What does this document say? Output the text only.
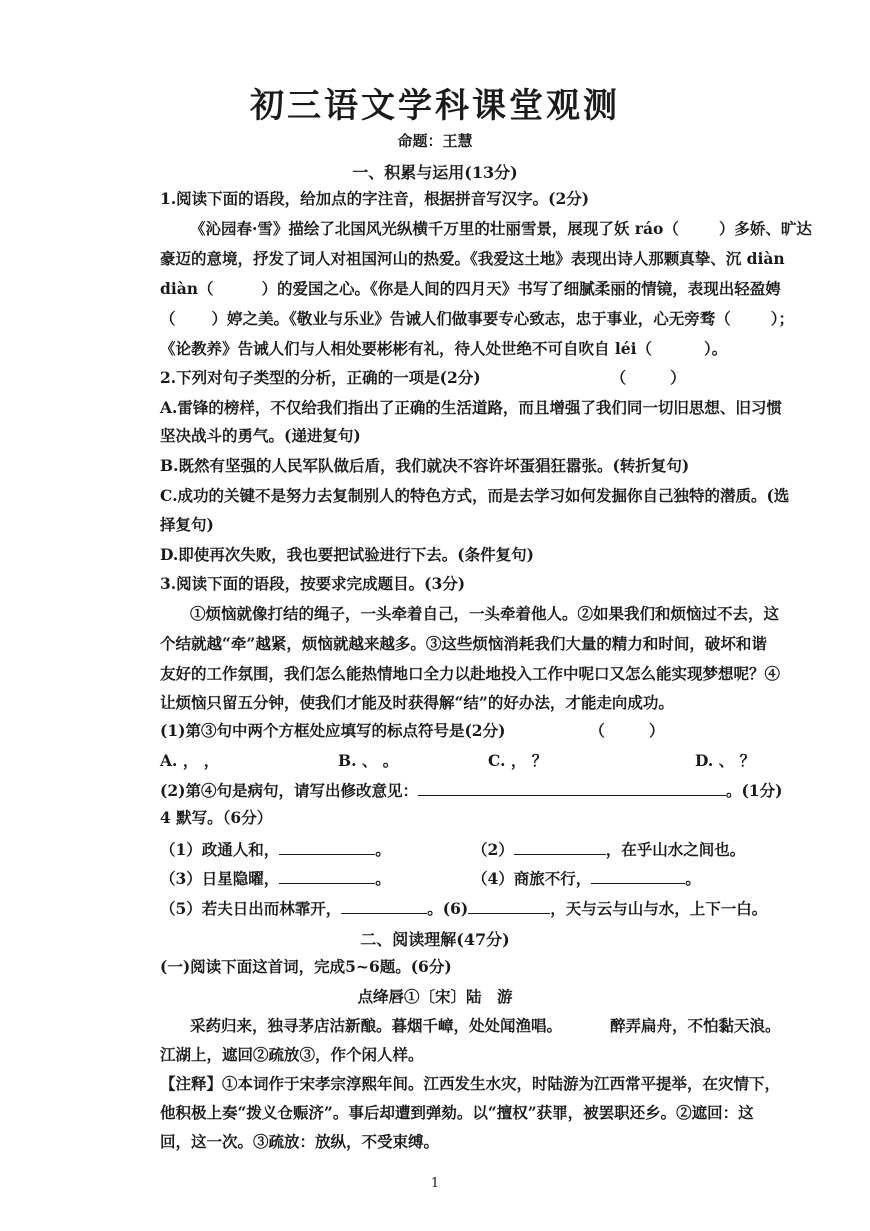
初三语文学科课堂观测
命题：王慧
一、积累与运用(13分)
1.阅读下面的语段，给加点的字注音，根据拼音写汉字。(2分)
《沁园春·雪》描绘了北国风光纵横千万里的壮丽雪景，展现了妖 ráo（	）多娇、旷达
豪迈的意境，抒发了词人对祖国河山的热爱。《我爱这土地》表现出诗人那颗真挚、沉 diàn
diàn（	）的爱国之心。《你是人间的四月天》书写了细腻柔丽的情镜，表现出轻盈娉
（ ）婷之美。《敬业与乐业》告诫人们做事要专心致志，忠于事业，心无旁骛（	）；
《论教养》告诫人们与人相处要彬彬有礼，待人处世绝不可自吹自 léi（	）。
2.下列对句子类型的分析，正确的一项是(2分)	（	）
A.雷锋的榜样，不仅给我们指出了正确的生活道路，而且增强了我们同一切旧思想、旧习惯
坚决战斗的勇气。(递进复句)
B.既然有坚强的人民军队做后盾，我们就决不容许坏蛋猖狂嚣张。(转折复句)
C.成功的关键不是努力去复制别人的特色方式，而是去学习如何发掘你自己独特的潜质。(选
择复句)
D.即使再次失败，我也要把试验进行下去。(条件复句)
3.阅读下面的语段，按要求完成题目。(3分)
①烦恼就像打结的绳子，一头牵着自己，一头牵着他人。②如果我们和烦恼过不去，这
个结就越“牵”越紧，烦恼就越来越多。③这些烦恼消耗我们大量的精力和时间，破坏和谐
友好的工作氛围，我们怎么能热情地口全力以赴地投入工作中呢口又怎么能实现梦想呢？④
让烦恼只留五分钟，使我们才能及时获得解“结”的好办法，才能走向成功。
(1)第③句中两个方框处应填写的标点符号是(2分)	（	）
A. ， ，	B. 、 。	C. ， ？	D. 、 ？
(2)第④句是病句，请写出修改意见：	。(1分)
4 默写。（6分）
（1）政通人和，	。	（2）	，在乎山水之间也。
（3）日星隐曜，	。	（4）商旅不行，	。
（5）若夫日出而林霏开，	。(6)	，天与云与山与水，上下一白。
二、阅读理解(47分)
(一)阅读下面这首词，完成5~6题。(6分)
点绛唇①〔宋〕陆　游
采药归来，独寻茅店沽新酿。暮烟千嶂，处处闻渔唱。	醉弄扁舟，不怕黏天浪。
江湖上，遮回②疏放③，作个闲人样。
【注释】①本词作于宋孝宗淳熙年间。江西发生水灾，时陆游为江西常平提举，在灾情下，
他积极上奏“拨义仓赈济”。事后却遭到弹劾。以“擅权”获罪，被罢职还乡。②遮回：这
回，这一次。③疏放：放纵，不受束缚。
1
